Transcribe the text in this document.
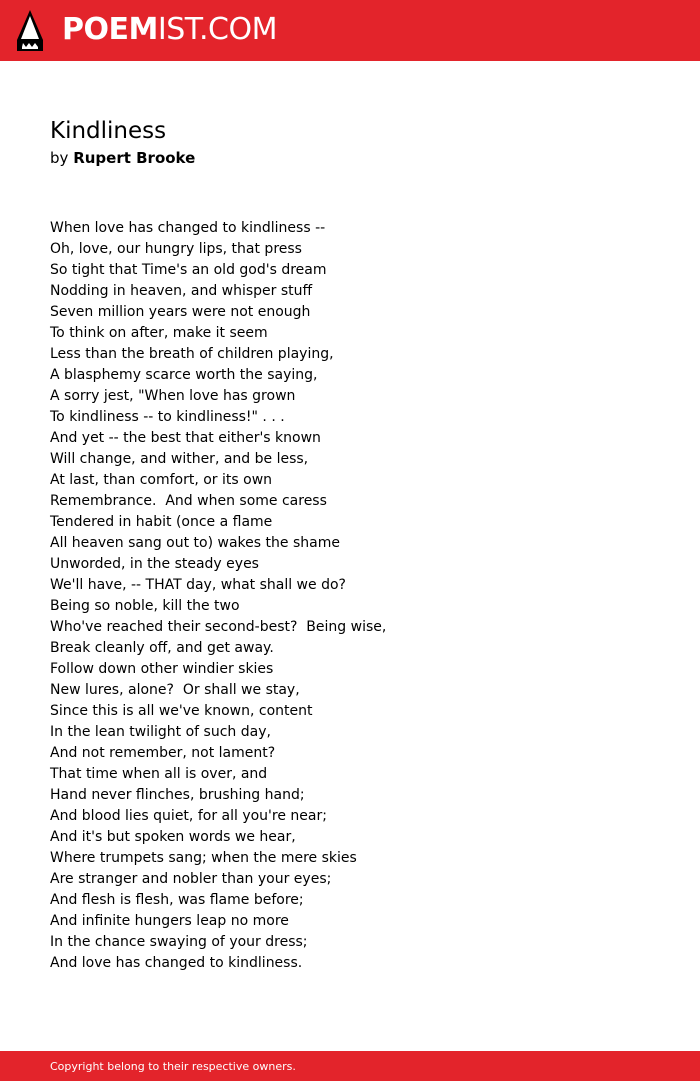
POEMIST.COM
Kindliness
by Rupert Brooke
When love has changed to kindliness --
Oh, love, our hungry lips, that press
So tight that Time's an old god's dream
Nodding in heaven, and whisper stuff
Seven million years were not enough
To think on after, make it seem
Less than the breath of children playing,
A blasphemy scarce worth the saying,
A sorry jest, "When love has grown
To kindliness -- to kindliness!" . . .
And yet -- the best that either's known
Will change, and wither, and be less,
At last, than comfort, or its own
Remembrance.  And when some caress
Tendered in habit (once a flame
All heaven sang out to) wakes the shame
Unworded, in the steady eyes
We'll have, -- THAT day, what shall we do?
Being so noble, kill the two
Who've reached their second-best?  Being wise,
Break cleanly off, and get away.
Follow down other windier skies
New lures, alone?  Or shall we stay,
Since this is all we've known, content
In the lean twilight of such day,
And not remember, not lament?
That time when all is over, and
Hand never flinches, brushing hand;
And blood lies quiet, for all you're near;
And it's but spoken words we hear,
Where trumpets sang; when the mere skies
Are stranger and nobler than your eyes;
And flesh is flesh, was flame before;
And infinite hungers leap no more
In the chance swaying of your dress;
And love has changed to kindliness.
Copyright belong to their respective owners.
